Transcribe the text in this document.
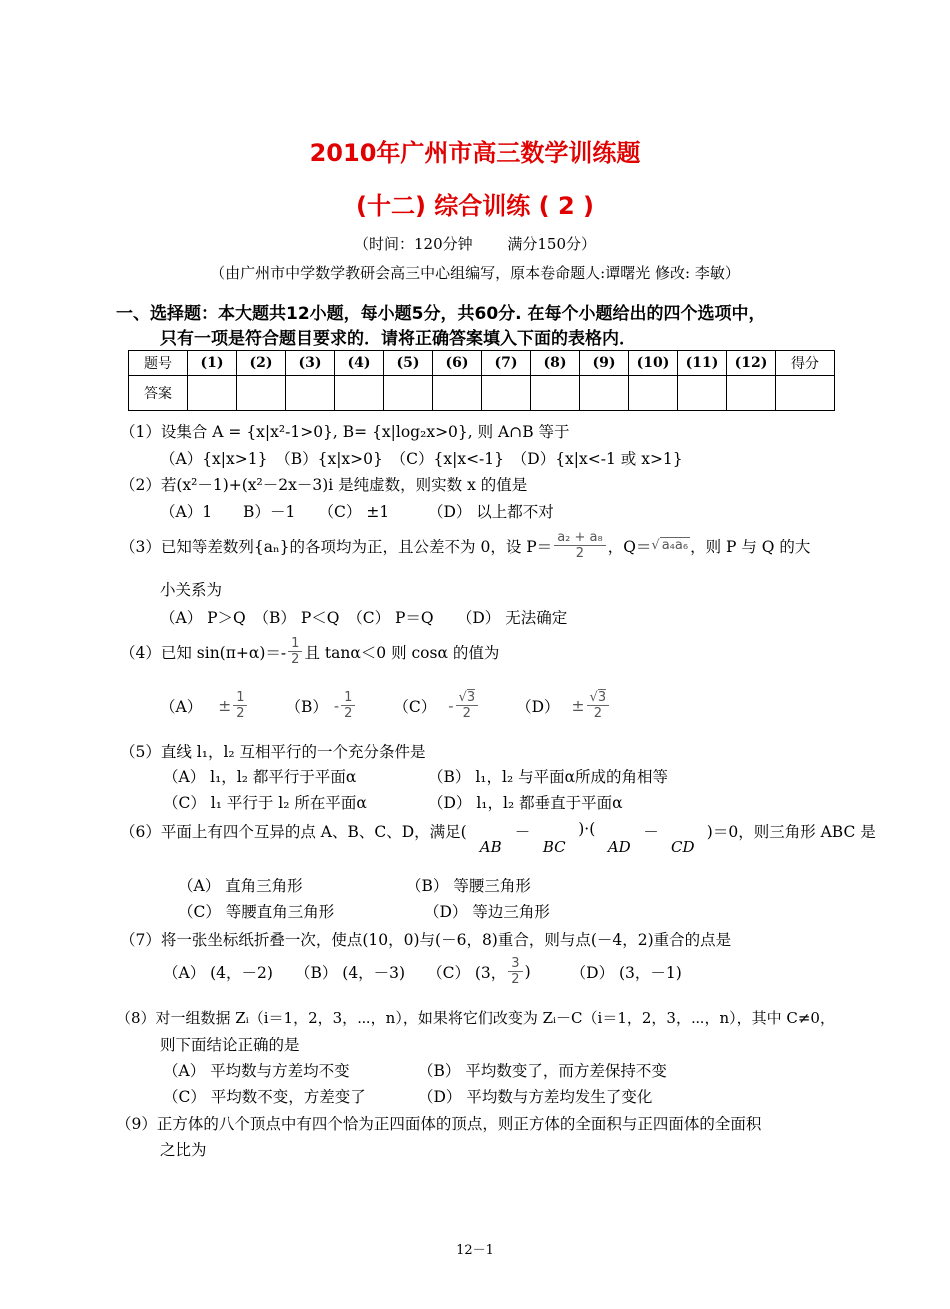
2010年广州市高三数学训练题
(十二) 综合训练 ( 2 )
（时间：120分钟 　　满分150分）
（由广州市中学数学教研会高三中心组编写，原本卷命题人:谭曙光 修改: 李敏）
一、选择题：本大题共12小题，每小题5分，共60分. 在每个小题给出的四个选项中，
只有一项是符合题目要求的．请将正确答案填入下面的表格内．
题号	(1)	(2)	(3)	(4)	(5)	(6)	(7)	(8)	(9)	(10)	(11)	(12)	得分
答案													
（1）设集合 A = {x|x²-1>0}, B= {x|log₂x>0}, 则 A∩B 等于
（A）{x|x>1}　（B）{x|x>0}　（C）{x|x<-1}　（D）{x|x<-1 或 x>1}
（2）若(x²－1)+(x²－2x－3)i 是纯虚数，则实数 x 的值是
（A）1　　B）－1　　（C） ±1　　　（D） 以上都不对
（3）已知等差数列{aₙ}的各项均为正，且公差不为 0，设 $P= \frac{\text{a₂ + a₈}}{2}$ ，Q＝ √ a₄a₆ ，则 P 与 Q 的大
小关系为
（A） P＞Q　（B） P＜Q　（C） P＝Q　　（D） 无法确定
（4）已知 $\sin(\pi+\alpha)=- \frac{1}{2}$ 且 tanα＜0 则 cosα 的值为
$(A) \pm \frac{1}{2} (B) - \frac{1}{2} (C) - \frac{√3}{2} (D) \pm \frac{√3}{2}$
（5）直线 l₁，l₂ 互相平行的一个充分条件是
（A） l₁，l₂ 都平行于平面α	（B） l₁，l₂ 与平面α所成的角相等
（C） l₁ 平行于 l₂ 所在平面α	（D） l₁，l₂ 都垂直于平面α
（6）平面上有四个互异的点 A、B、C、D，满足(
AB
－
BC
)·(
AD
－
CD
)＝0，则三角形 ABC 是
（A） 直角三角形	（B） 等腰三角形
（C） 等腰直角三角形	（D） 等边三角形
（7）将一张坐标纸折叠一次，使点(10，0)与(－6，8)重合，则与点(－4，2)重合的点是
（A） (4，－2) （B） (4，－3) （C） (3， $\frac{3}{2}$ )	（D） (3，－1)
（8）对一组数据 Zᵢ（i＝1，2，3，⋯，n），如果将它们改变为 Zᵢ－C（i＝1，2，3，⋯，n），其中 C≠0，
则下面结论正确的是
（A） 平均数与方差均不变	（B） 平均数变了，而方差保持不变
（C） 平均数不变，方差变了	（D） 平均数与方差均发生了变化
（9）正方体的八个顶点中有四个恰为正四面体的顶点，则正方体的全面积与正四面体的全面积
之比为
12－1
